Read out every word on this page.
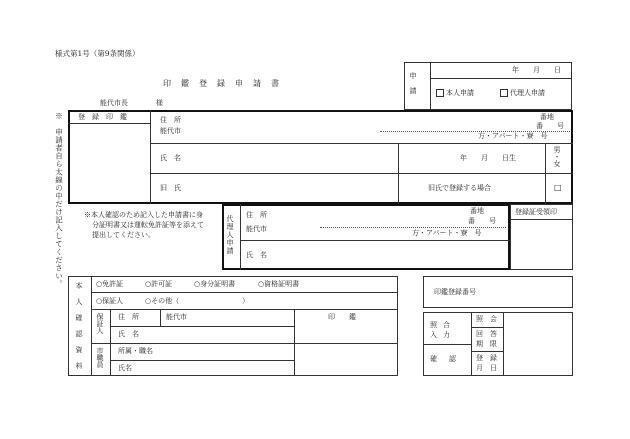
様式第1号（第9条関係）
印　鑑　登　録　申　請　書
能代市長　　　　様
申請
年　　月　　日
本人申請	代理人申請
※　申請者自ら太線の中だけ記入してください。 登　録　印　鑑	住　所
能代市
番地
番　　号
方・アパート・寮　号
氏　名	年　　月　　日生	男・女
旧　氏	旧氏で登録する場合	□
※本人確認のため記入した申請書に身
分証明書又は運転免許証等を添えて
提出してください。	代理人申請 住　所
能代市
番地
番　　号
方・アパート・寮　号
氏　名
登録証受領印
本人確認資料 ○免許証	○許可証	○身分証明書	○資格証明書
○保証人	○その他（　　　　　　　　　）
保証人 住　所	能代市	印　　鑑
氏　名
市職員 所属・職名
氏名
印鑑登録番号
照合入力
確認
照　会
回　答
期　限
登　録
月　日
